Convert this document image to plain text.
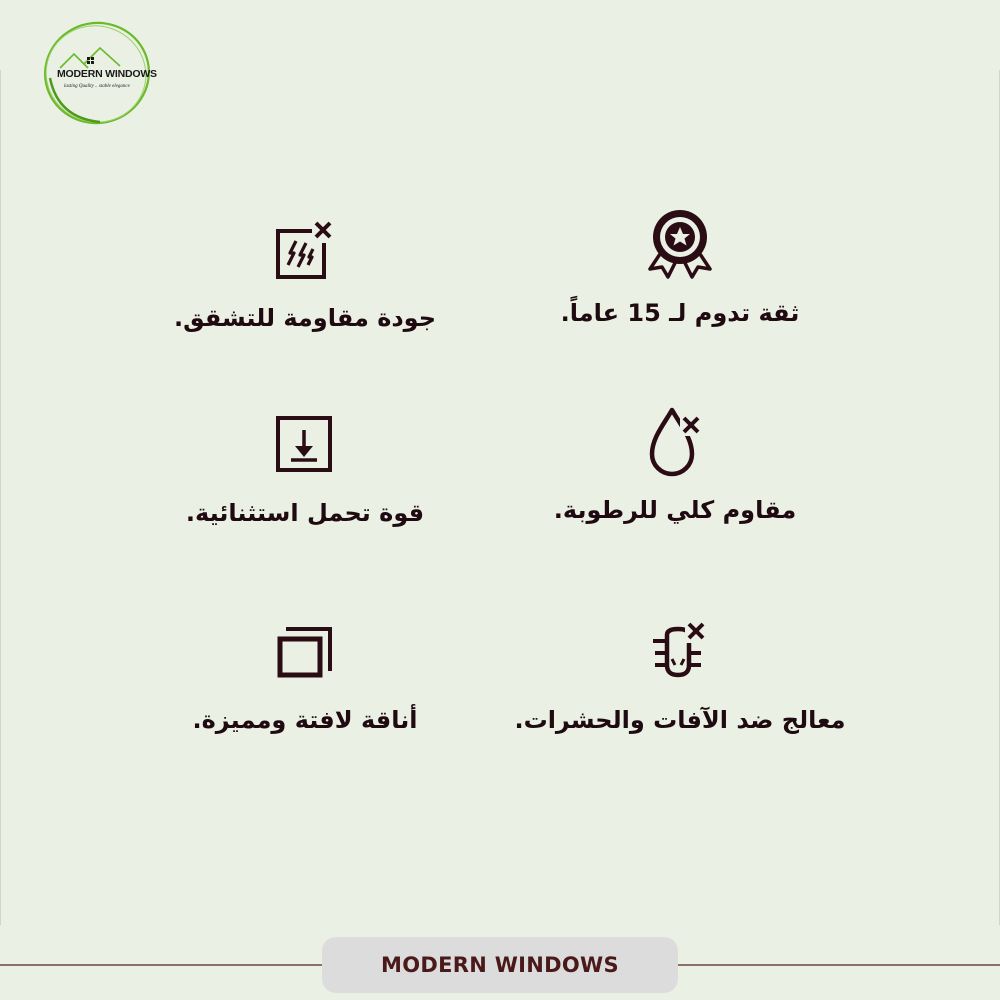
MODERN WINDOWS
lasting Quality .. stable elegance
ثقة تدوم لـ 15 عاماً.
جودة مقاومة للتشقق.
مقاوم كلي للرطوبة.
قوة تحمل استثنائية.
معالج ضد الآفات والحشرات.
أناقة لافتة ومميزة.
MODERN WINDOWS
